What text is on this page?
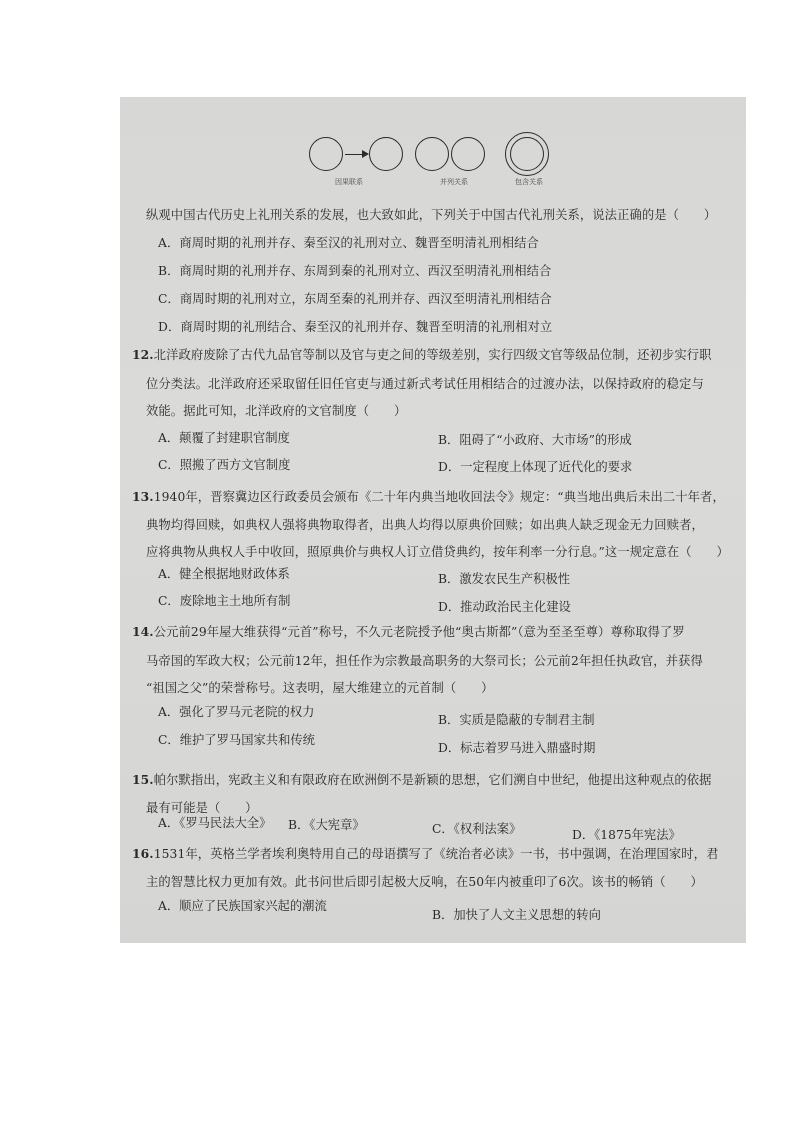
因果联系	并列关系	包含关系
纵观中国古代历史上礼刑关系的发展，也大致如此，下列关于中国古代礼刑关系，说法正确的是（　　）
A．商周时期的礼刑并存、秦至汉的礼刑对立、魏晋至明清礼刑相结合
B．商周时期的礼刑并存、东周到秦的礼刑对立、西汉至明清礼刑相结合
C．商周时期的礼刑对立，东周至秦的礼刑并存、西汉至明清礼刑相结合
D．商周时期的礼刑结合、秦至汉的礼刑并存、魏晋至明清的礼刑相对立
12.北洋政府废除了古代九品官等制以及官与吏之间的等级差别，实行四级文官等级品位制，还初步实行职
位分类法。北洋政府还采取留任旧任官吏与通过新式考试任用相结合的过渡办法，以保持政府的稳定与
效能。据此可知，北洋政府的文官制度（　　）
A．颠覆了封建职官制度	B．阻碍了“小政府、大市场”的形成
C．照搬了西方文官制度	D．一定程度上体现了近代化的要求
13.1940年，晋察冀边区行政委员会颁布《二十年内典当地收回法令》规定：“典当地出典后未出二十年者，
典物均得回赎，如典权人强将典物取得者，出典人均得以原典价回赎；如出典人缺乏现金无力回赎者，
应将典物从典权人手中收回，照原典价与典权人订立借贷典约，按年利率一分行息。”这一规定意在（　　）
A．健全根据地财政体系	B．激发农民生产积极性
C．废除地主土地所有制	D．推动政治民主化建设
14.公元前29年屋大维获得“元首”称号，不久元老院授予他“奥古斯都”（意为至圣至尊）尊称取得了罗
马帝国的军政大权；公元前12年，担任作为宗教最高职务的大祭司长；公元前2年担任执政官，并获得
“祖国之父”的荣誉称号。这表明，屋大维建立的元首制（　　）
A．强化了罗马元老院的权力
B．实质是隐蔽的专制君主制
C．维护了罗马国家共和传统
D．标志着罗马进入鼎盛时期
15.帕尔默指出，宪政主义和有限政府在欧洲倒不是新颖的思想，它们溯自中世纪，他提出这种观点的依据
最有可能是（　　）
A．《罗马民法大全》 B．《大宪章》	C．《权利法案》	D．《1875年宪法》
16.1531年，英格兰学者埃利奥特用自己的母语撰写了《统治者必读》一书，书中强调，在治理国家时，君
主的智慧比权力更加有效。此书问世后即引起极大反响，在50年内被重印了6次。该书的畅销（　　）
A．顺应了民族国家兴起的潮流
B．加快了人文主义思想的转向
